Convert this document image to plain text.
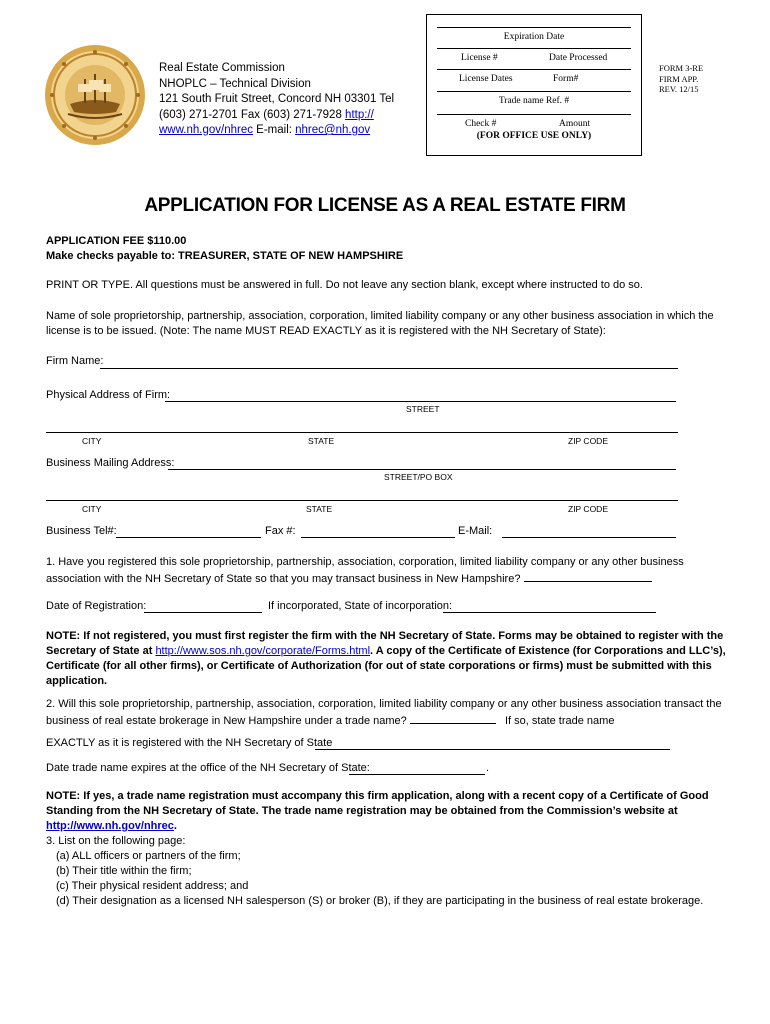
Real Estate Commission
NHOPLC – Technical Division
121 South Fruit Street, Concord NH 03301 Tel
(603) 271-2701 Fax (603) 271-7928 http://
www.nh.gov/nhrec E-mail: nhrec@nh.gov
Expiration Date
License #	Date Processed
License Dates	Form#
Trade name Ref. #
Check #	Amount
(FOR OFFICE USE ONLY)
FORM 3-RE
FIRM APP.
REV. 12/15
APPLICATION FOR LICENSE AS A REAL ESTATE FIRM
APPLICATION FEE $110.00
Make checks payable to: TREASURER, STATE OF NEW HAMPSHIRE
PRINT OR TYPE. All questions must be answered in full. Do not leave any section blank, except where instructed to do so.
Name of sole proprietorship, partnership, association, corporation, limited liability company or any other business association in which the license is to be issued. (Note: The name MUST READ EXACTLY as it is registered with the NH Secretary of State):
Firm Name:
Physical Address of Firm:
STREET
CITY	STATE	ZIP CODE
Business Mailing Address:
STREET/PO BOX
CITY	STATE	ZIP CODE
Business Tel#:	Fax #:	E-Mail:
1. Have you registered this sole proprietorship, partnership, association, corporation, limited liability company or any other business association with the NH Secretary of State so that you may transact business in New Hampshire?
Date of Registration:	If incorporated, State of incorporation:
NOTE: If not registered, you must first register the firm with the NH Secretary of State. Forms may be obtained to register with the Secretary of State at http://www.sos.nh.gov/corporate/Forms.html. A copy of the Certificate of Existence (for Corporations and LLC’s), Certificate (for all other firms), or Certificate of Authorization (for out of state corporations or firms) must be submitted with this application.
2. Will this sole proprietorship, partnership, association, corporation, limited liability company or any other business association transact the business of real estate brokerage in New Hampshire under a trade name?	If so, state trade name
EXACTLY as it is registered with the NH Secretary of State
Date trade name expires at the office of the NH Secretary of State:	.
NOTE: If yes, a trade name registration must accompany this firm application, along with a recent copy of a Certificate of Good Standing from the NH Secretary of State. The trade name registration may be obtained from the Commission’s website at http://www.nh.gov/nhrec.
3. List on the following page:
(a) ALL officers or partners of the firm;
(b) Their title within the firm;
(c) Their physical resident address; and
(d) Their designation as a licensed NH salesperson (S) or broker (B), if they are participating in the business of real estate brokerage.
